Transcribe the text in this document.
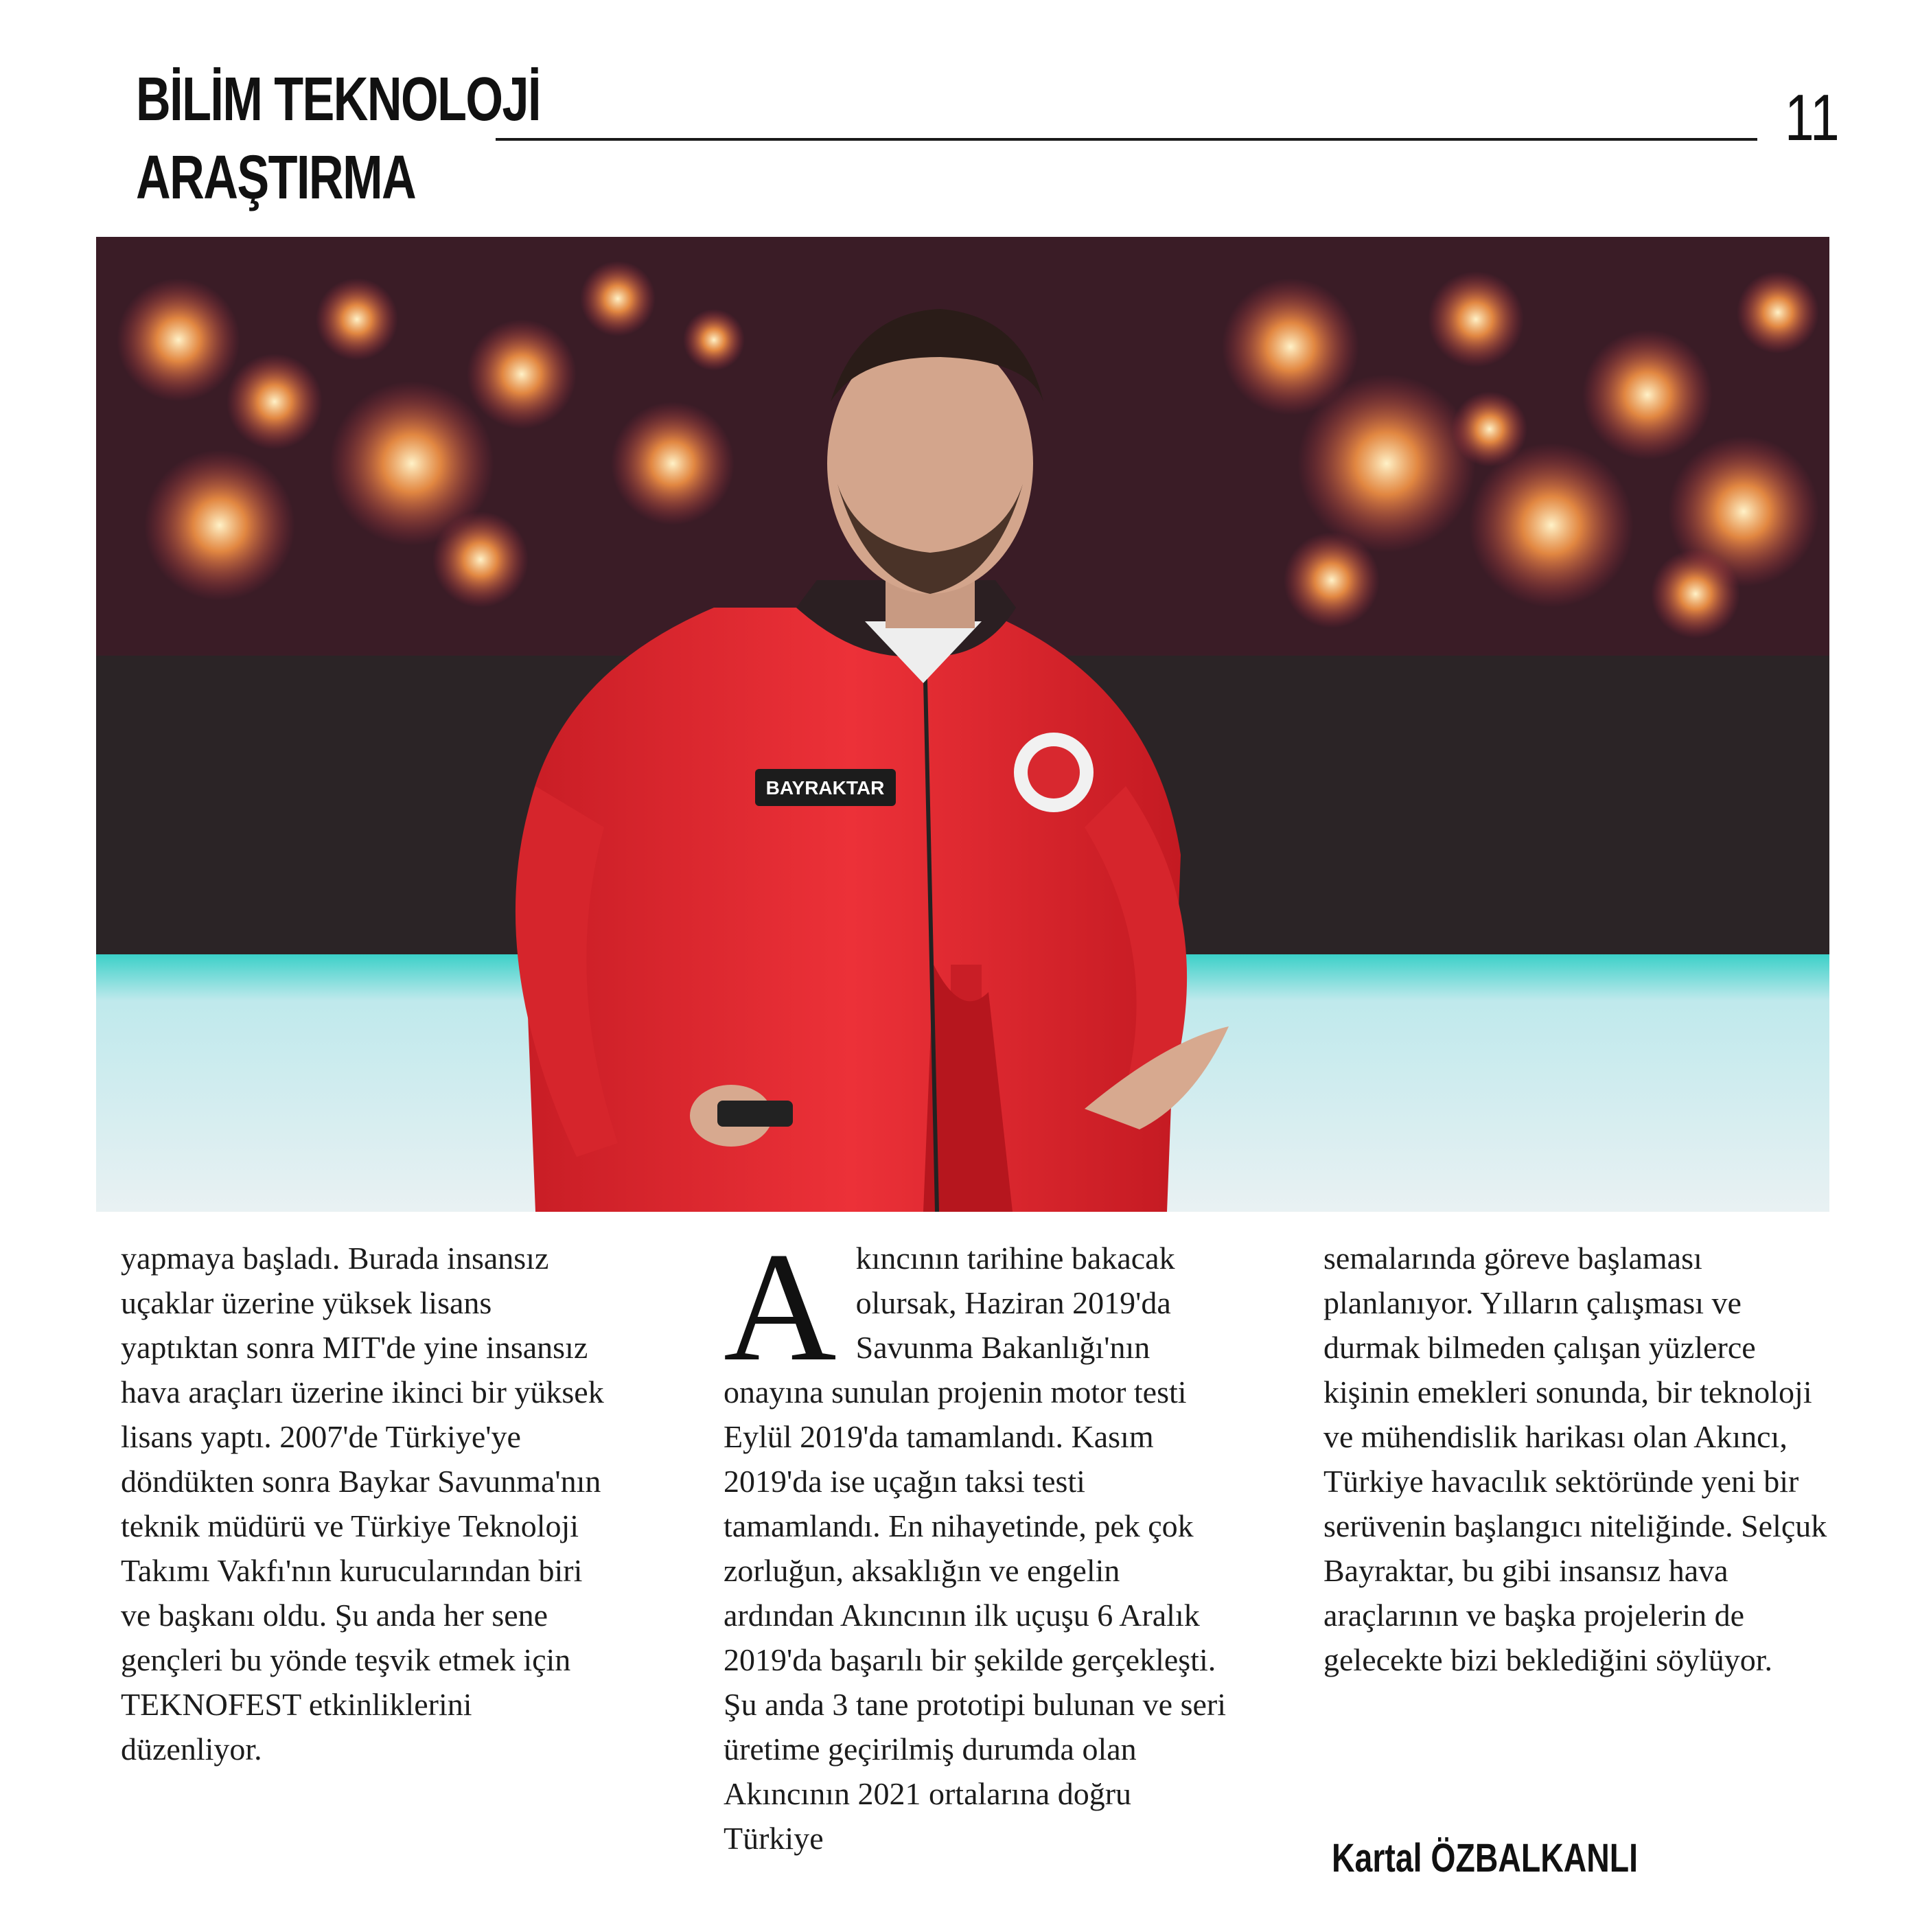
BİLİM TEKNOLOJİ
ARAŞTIRMA
11
BAYRAKTAR

yapmaya başladı. Burada insansız uçaklar üzerine yüksek lisans yaptıktan sonra MIT'de yine insansız hava araçları üzerine ikinci bir yüksek lisans yaptı. 2007'de Türkiye'ye döndükten sonra Baykar Savunma'nın teknik müdürü ve Türkiye Teknoloji Takımı Vakfı'nın kurucularından biri ve başkanı oldu. Şu anda her sene gençleri bu yönde teşvik etmek için TEKNOFEST etkinliklerini düzenliyor.

A kıncının tarihine bakacak olursak, Haziran 2019'da Savunma Bakanlığı'nın onayına sunulan projenin motor testi Eylül 2019'da tamamlandı. Kasım 2019'da ise uçağın taksi testi tamamlandı. En nihayetinde, pek çok zorluğun, aksaklığın ve engelin ardından Akıncının ilk uçuşu 6 Aralık 2019'da başarılı bir şekilde gerçekleşti. Şu anda 3 tane prototipi bulunan ve seri üretime geçirilmiş durumda olan Akıncının 2021 ortalarına doğru Türkiye

semalarında göreve başlaması planlanıyor. Yılların çalışması ve durmak bilmeden çalışan yüzlerce kişinin emekleri sonunda, bir teknoloji ve mühendislik harikası olan Akıncı, Türkiye havacılık sektöründe yeni bir serüvenin başlangıcı niteliğinde. Selçuk Bayraktar, bu gibi insansız hava araçlarının ve başka projelerin de gelecekte bizi beklediğini söylüyor.

Kartal ÖZBALKANLI
